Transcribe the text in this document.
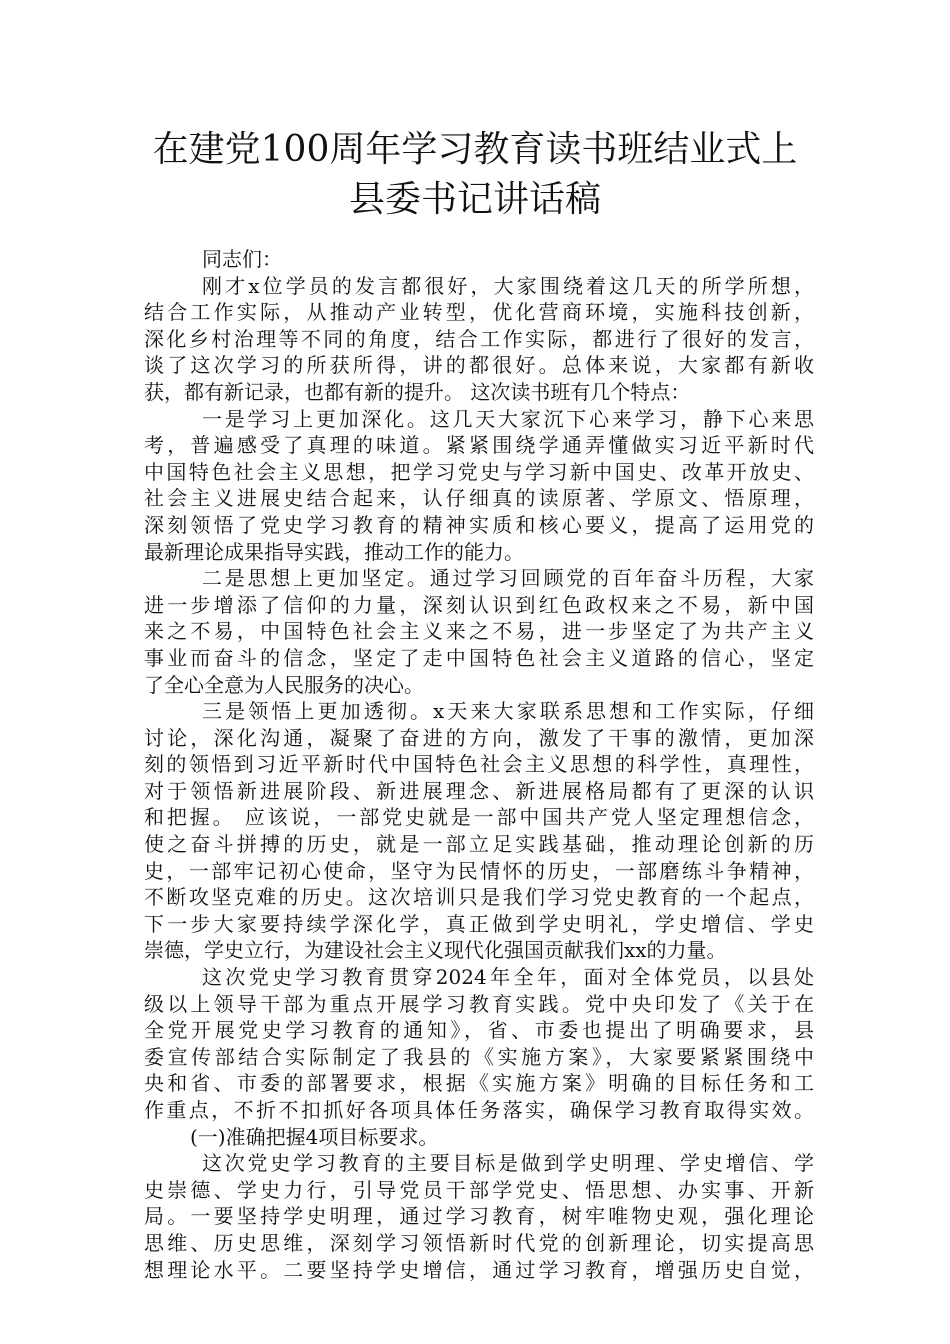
在建党100周年学习教育读书班结业式上
县委书记讲话稿
同志们：
刚才x位学员的发言都很好，大家围绕着这几天的所学所想，
结合工作实际，从推动产业转型，优化营商环境，实施科技创新，
深化乡村治理等不同的角度，结合工作实际，都进行了很好的发言，
谈了这次学习的所获所得，讲的都很好。总体来说，大家都有新收
获，都有新记录，也都有新的提升。 这次读书班有几个特点：
一是学习上更加深化。这几天大家沉下心来学习，静下心来思
考，普遍感受了真理的味道。紧紧围绕学通弄懂做实习近平新时代
中国特色社会主义思想，把学习党史与学习新中国史、改革开放史、
社会主义进展史结合起来，认仔细真的读原著、学原文、悟原理，
深刻领悟了党史学习教育的精神实质和核心要义，提高了运用党的
最新理论成果指导实践，推动工作的能力。
二是思想上更加坚定。通过学习回顾党的百年奋斗历程，大家
进一步增添了信仰的力量，深刻认识到红色政权来之不易，新中国
来之不易，中国特色社会主义来之不易，进一步坚定了为共产主义
事业而奋斗的信念，坚定了走中国特色社会主义道路的信心，坚定
了全心全意为人民服务的决心。
三是领悟上更加透彻。x天来大家联系思想和工作实际，仔细
讨论，深化沟通，凝聚了奋进的方向，激发了干事的激情，更加深
刻的领悟到习近平新时代中国特色社会主义思想的科学性，真理性，
对于领悟新进展阶段、新进展理念、新进展格局都有了更深的认识
和把握。 应该说，一部党史就是一部中国共产党人坚定理想信念，
使之奋斗拼搏的历史，就是一部立足实践基础，推动理论创新的历
史，一部牢记初心使命，坚守为民情怀的历史，一部磨练斗争精神，
不断攻坚克难的历史。这次培训只是我们学习党史教育的一个起点，
下一步大家要持续学深化学，真正做到学史明礼，学史增信、学史
崇德，学史立行，为建设社会主义现代化强国贡献我们xx的力量。
这次党史学习教育贯穿2024年全年，面对全体党员，以县处
级以上领导干部为重点开展学习教育实践。党中央印发了《关于在
全党开展党史学习教育的通知》，省、市委也提出了明确要求，县
委宣传部结合实际制定了我县的《实施方案》，大家要紧紧围绕中
央和省、市委的部署要求，根据《实施方案》明确的目标任务和工
作重点，不折不扣抓好各项具体任务落实，确保学习教育取得实效。
(一)准确把握4项目标要求。
这次党史学习教育的主要目标是做到学史明理、学史增信、学
史崇德、学史力行，引导党员干部学党史、悟思想、办实事、开新
局。一要坚持学史明理，通过学习教育，树牢唯物史观，强化理论
思维、历史思维，深刻学习领悟新时代党的创新理论，切实提高思
想理论水平。二要坚持学史增信，通过学习教育，增强历史自觉，
